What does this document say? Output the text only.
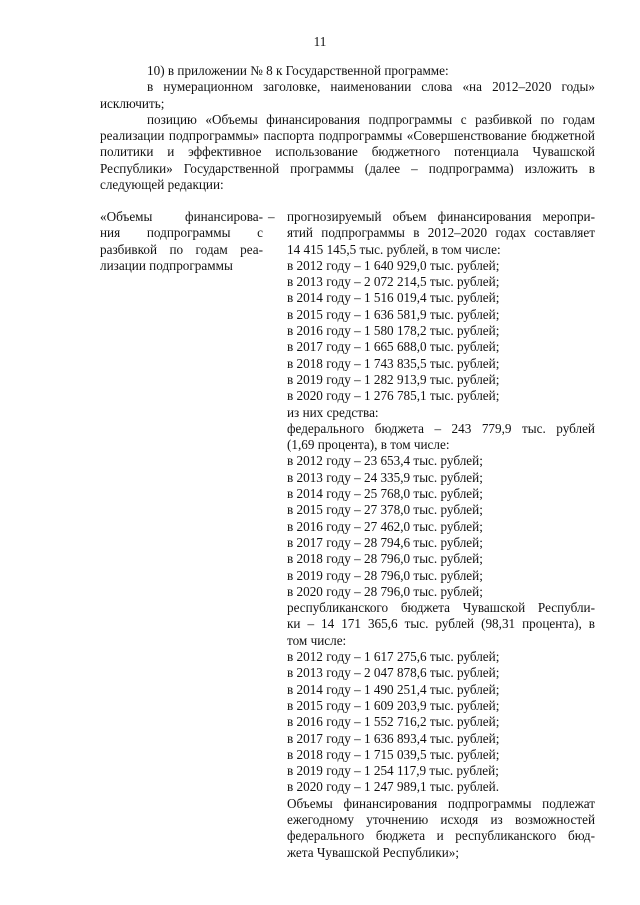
11

10) в приложении № 8 к Государственной программе:

в нумерационном заголовке, наименовании слова «на 2012–2020 годы» исключить;

позицию «Объемы финансирования подпрограммы с разбивкой по годам реализации подпрограммы» паспорта подпрограммы «Совершенствование бюджетной политики и эффективное использование бюджетного потенциала Чувашской Республики» Государственной программы (далее – подпрограмма) изложить в следующей редакции:

«Объемы финансирова-
ния подпрограммы с
разбивкой по годам реа-
лизации подпрограммы
– прогнозируемый объем финансирования меропри-
ятий подпрограммы в 2012–2020 годах составляет
14 415 145,5 тыс. рублей, в том числе:
в 2012 году – 1 640 929,0 тыс. рублей;
в 2013 году – 2 072 214,5 тыс. рублей;
в 2014 году – 1 516 019,4 тыс. рублей;
в 2015 году – 1 636 581,9 тыс. рублей;
в 2016 году – 1 580 178,2 тыс. рублей;
в 2017 году – 1 665 688,0 тыс. рублей;
в 2018 году – 1 743 835,5 тыс. рублей;
в 2019 году – 1 282 913,9 тыс. рублей;
в 2020 году – 1 276 785,1 тыс. рублей;
из них средства:
федерального бюджета – 243 779,9 тыс. рублей
(1,69 процента), в том числе:
в 2012 году – 23 653,4 тыс. рублей;
в 2013 году – 24 335,9 тыс. рублей;
в 2014 году – 25 768,0 тыс. рублей;
в 2015 году – 27 378,0 тыс. рублей;
в 2016 году – 27 462,0 тыс. рублей;
в 2017 году – 28 794,6 тыс. рублей;
в 2018 году – 28 796,0 тыс. рублей;
в 2019 году – 28 796,0 тыс. рублей;
в 2020 году – 28 796,0 тыс. рублей;
республиканского бюджета Чувашской Республи-
ки – 14 171 365,6 тыс. рублей (98,31 процента), в
том числе:
в 2012 году – 1 617 275,6 тыс. рублей;
в 2013 году – 2 047 878,6 тыс. рублей;
в 2014 году – 1 490 251,4 тыс. рублей;
в 2015 году – 1 609 203,9 тыс. рублей;
в 2016 году – 1 552 716,2 тыс. рублей;
в 2017 году – 1 636 893,4 тыс. рублей;
в 2018 году – 1 715 039,5 тыс. рублей;
в 2019 году – 1 254 117,9 тыс. рублей;
в 2020 году – 1 247 989,1 тыс. рублей.
Объемы финансирования подпрограммы подлежат
ежегодному уточнению исходя из возможностей
федерального бюджета и республиканского бюд-
жета Чувашской Республики»;
